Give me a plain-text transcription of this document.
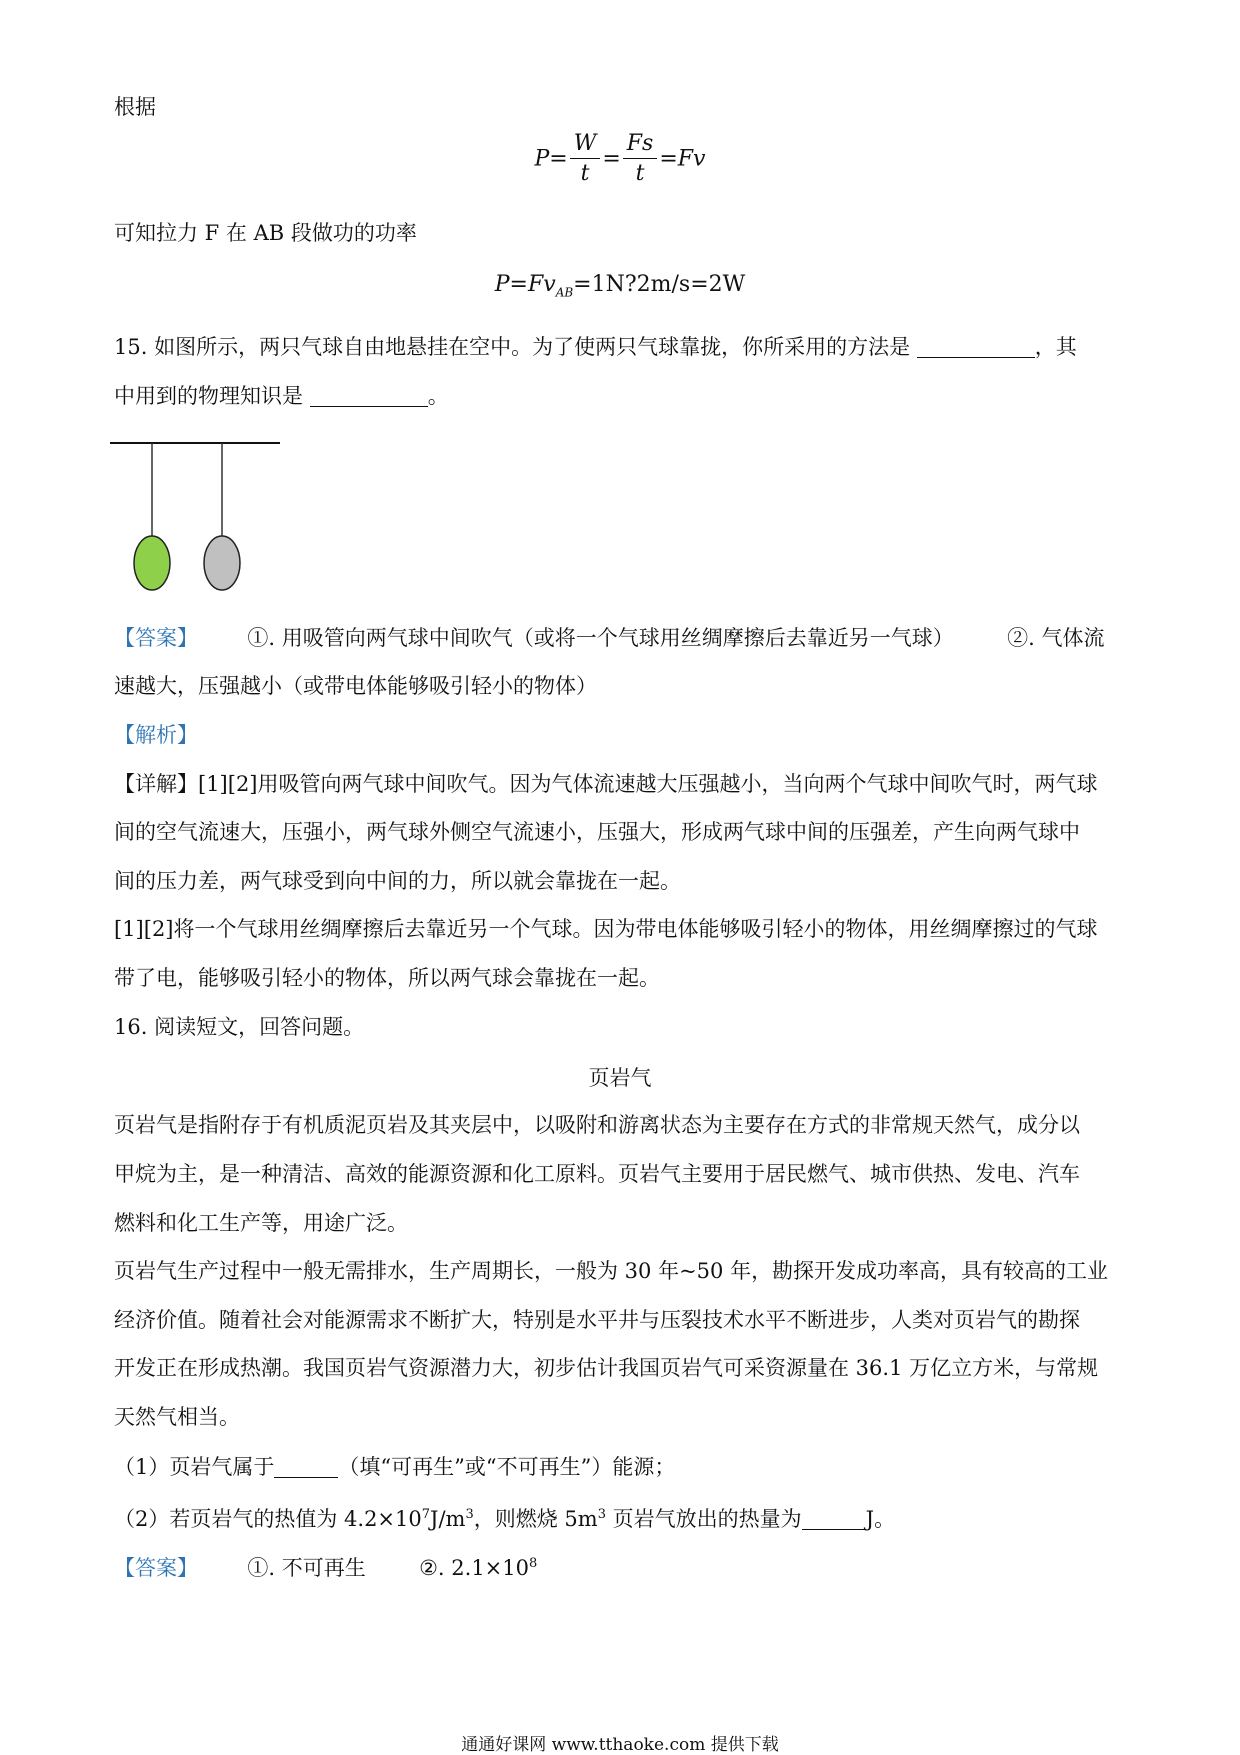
根据
$P= \frac{W}{t} = \frac{Fs}{t} =Fv$
可知拉力 F 在 AB 段做功的功率
$P=Fv_{AB}=1N?2m/s=2W$
15. 如图所示，两只气球自由地悬挂在空中。为了使两只气球靠拢，你所采用的方法是	，其
中用到的物理知识是	。
【答案】 ①. 用吸管向两气球中间吹气（或将一个气球用丝绸摩擦后去靠近另一气球）	②. 气体流
速越大，压强越小（或带电体能够吸引轻小的物体）
【解析】
【详解】[1][2]用吸管向两气球中间吹气。因为气体流速越大压强越小，当向两个气球中间吹气时，两气球
间的空气流速大，压强小，两气球外侧空气流速小，压强大，形成两气球中间的压强差，产生向两气球中
间的压力差，两气球受到向中间的力，所以就会靠拢在一起。
[1][2]将一个气球用丝绸摩擦后去靠近另一个气球。因为带电体能够吸引轻小的物体，用丝绸摩擦过的气球
带了电，能够吸引轻小的物体，所以两气球会靠拢在一起。
16. 阅读短文，回答问题。
页岩气
页岩气是指附存于有机质泥页岩及其夹层中，以吸附和游离状态为主要存在方式的非常规天然气，成分以
甲烷为主，是一种清洁、高效的能源资源和化工原料。页岩气主要用于居民燃气、城市供热、发电、汽车
燃料和化工生产等，用途广泛。
页岩气生产过程中一般无需排水，生产周期长，一般为 30 年~50 年，勘探开发成功率高，具有较高的工业
经济价值。随着社会对能源需求不断扩大，特别是水平井与压裂技术水平不断进步，人类对页岩气的勘探
开发正在形成热潮。我国页岩气资源潜力大，初步估计我国页岩气可采资源量在 36.1 万亿立方米，与常规
天然气相当。
（1）页岩气属于	（填“可再生”或“不可再生”）能源；
（2）若页岩气的热值为 $4.2\times 10^7J/m^3$，则燃烧 $5m^3$ 页岩气放出的热量为	J。
【答案】 ①. 不可再生	②. $2.1\times 10^8$
通通好课网 www.tthaoke.com 提供下载
